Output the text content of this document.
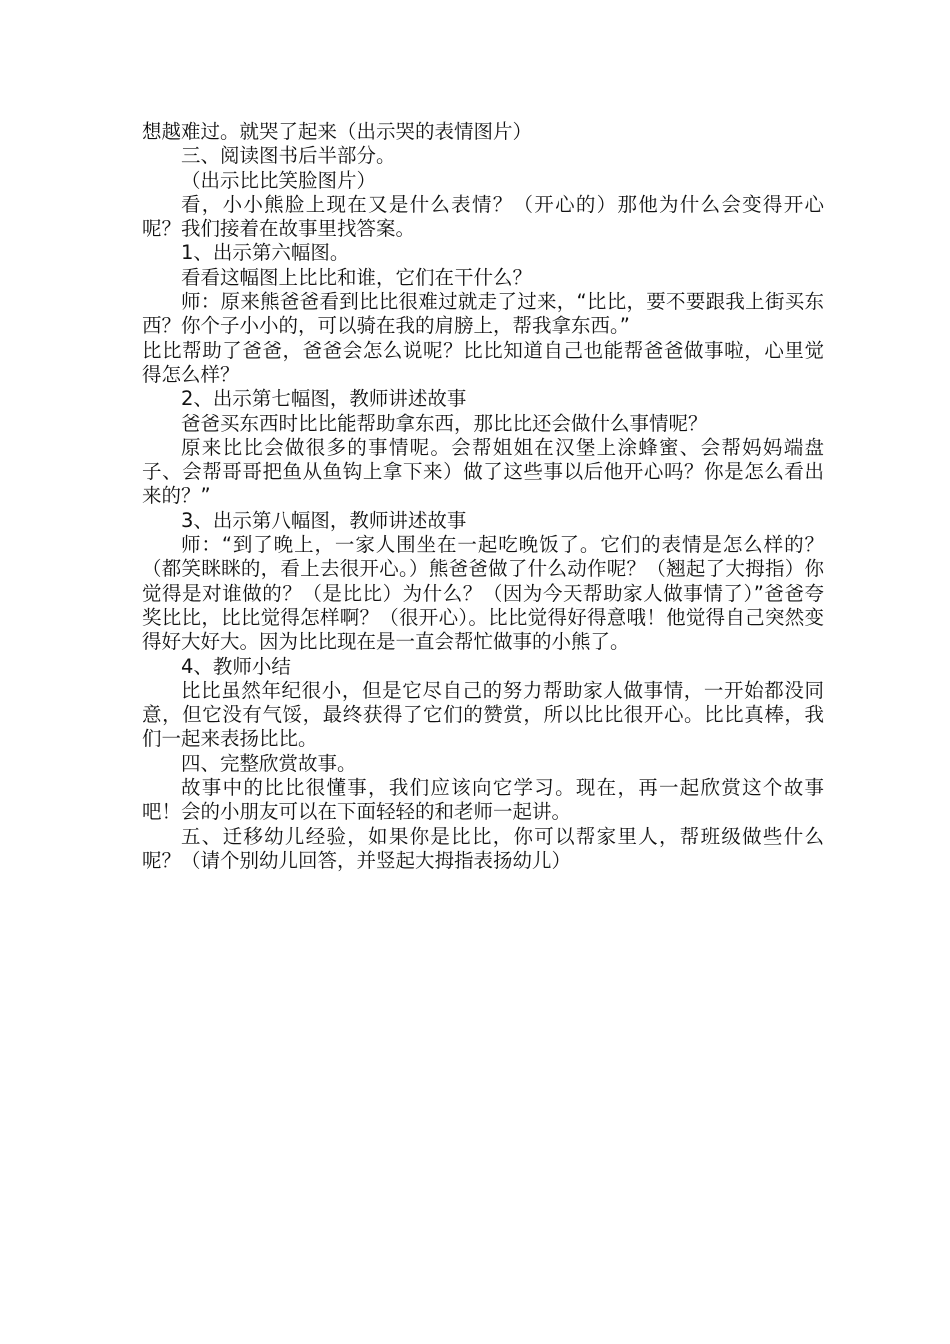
想越难过。就哭了起来（出示哭的表情图片）

三、阅读图书后半部分。

（出示比比笑脸图片）

看，小小熊脸上现在又是什么表情？（开心的）那他为什么会变得开心呢？我们接着在故事里找答案。

1、出示第六幅图。

看看这幅图上比比和谁，它们在干什么？

师：原来熊爸爸看到比比很难过就走了过来，“比比，要不要跟我上街买东西？你个子小小的，可以骑在我的肩膀上，帮我拿东西。”

比比帮助了爸爸，爸爸会怎么说呢？比比知道自己也能帮爸爸做事啦，心里觉得怎么样？

2、出示第七幅图，教师讲述故事

爸爸买东西时比比能帮助拿东西，那比比还会做什么事情呢？

原来比比会做很多的事情呢。会帮姐姐在汉堡上涂蜂蜜、会帮妈妈端盘子、会帮哥哥把鱼从鱼钩上拿下来）做了这些事以后他开心吗？你是怎么看出来的？”

3、出示第八幅图，教师讲述故事

师：“到了晚上，一家人围坐在一起吃晚饭了。它们的表情是怎么样的？（都笑眯眯的，看上去很开心。）熊爸爸做了什么动作呢？（翘起了大拇指）你觉得是对谁做的？（是比比）为什么？（因为今天帮助家人做事情了）”爸爸夸奖比比，比比觉得怎样啊？（很开心）。比比觉得好得意哦！他觉得自己突然变得好大好大。因为比比现在是一直会帮忙做事的小熊了。

4、教师小结

比比虽然年纪很小，但是它尽自己的努力帮助家人做事情，一开始都没同意，但它没有气馁，最终获得了它们的赞赏，所以比比很开心。比比真棒，我们一起来表扬比比。

四、完整欣赏故事。

故事中的比比很懂事，我们应该向它学习。现在，再一起欣赏这个故事吧！会的小朋友可以在下面轻轻的和老师一起讲。

五、迁移幼儿经验，如果你是比比，你可以帮家里人，帮班级做些什么呢？（请个别幼儿回答，并竖起大拇指表扬幼儿）
